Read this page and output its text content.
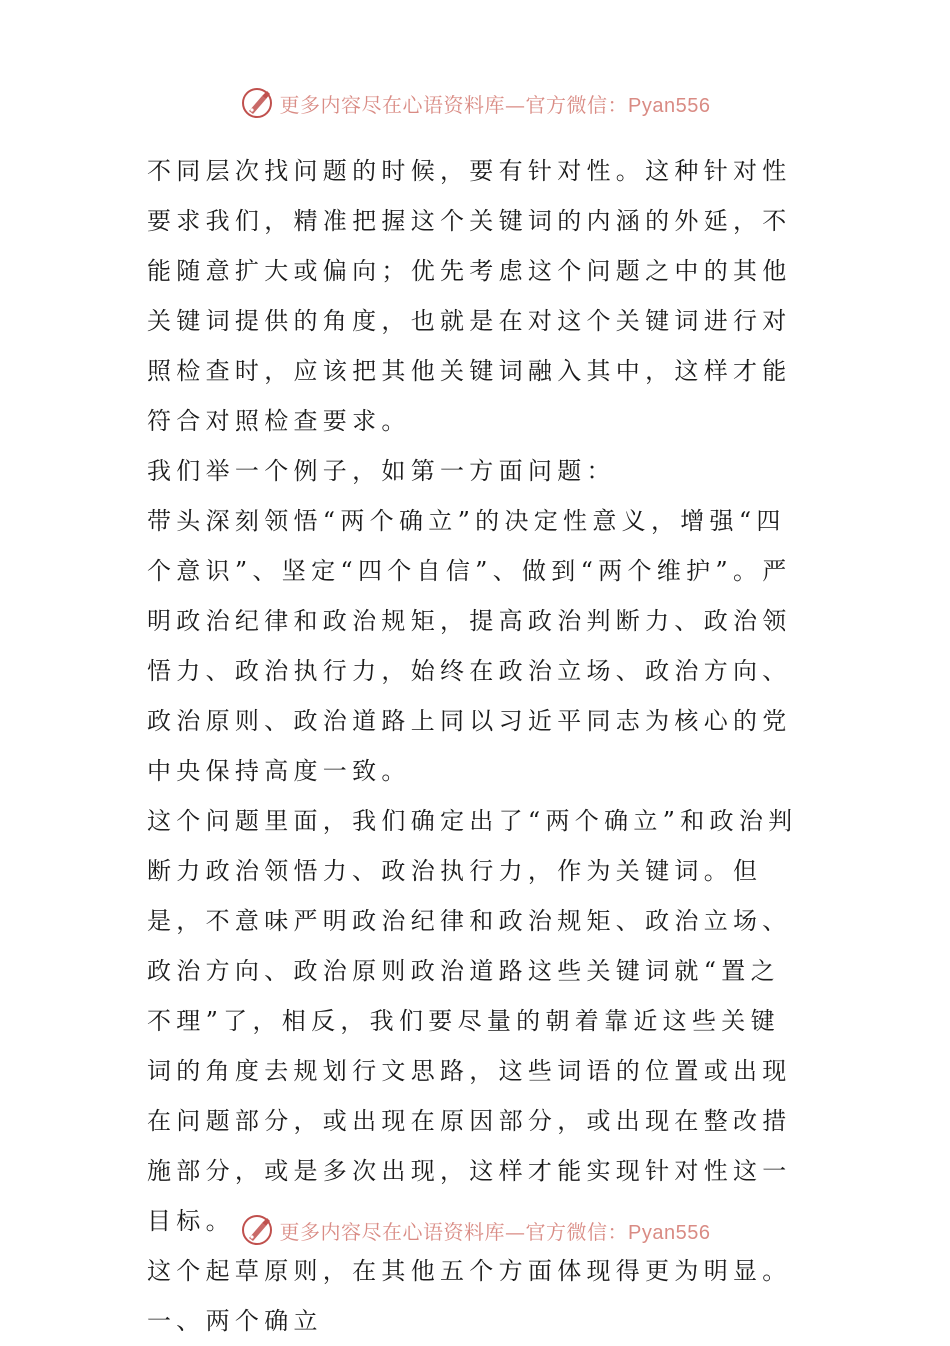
更多内容尽在心语资料库—官方微信：Pyan556

不同层次找问题的时候，要有针对性。这种针对性要求我们，精准把握这个关键词的内涵的外延，不能随意扩大或偏向；优先考虑这个问题之中的其他关键词提供的角度，也就是在对这个关键词进行对照检查时，应该把其他关键词融入其中，这样才能符合对照检查要求。

我们举一个例子，如第一方面问题：

带头深刻领悟“两个确立”的决定性意义，增强“四个意识”、坚定“四个自信”、做到“两个维护”。严明政治纪律和政治规矩，提高政治判断力、政治领悟力、政治执行力，始终在政治立场、政治方向、政治原则、政治道路上同以习近平同志为核心的党中央保持高度一致。

这个问题里面，我们确定出了“两个确立”和政治判断力政治领悟力、政治执行力，作为关键词。但是，不意味严明政治纪律和政治规矩、政治立场、政治方向、政治原则政治道路这些关键词就“置之不理”了，相反，我们要尽量的朝着靠近这些关键词的角度去规划行文思路，这些词语的位置或出现在问题部分，或出现在原因部分，或出现在整改措施部分，或是多次出现，这样才能实现针对性这一目标。

这个起草原则，在其他五个方面体现得更为明显。

一、两个确立

更多内容尽在心语资料库—官方微信：Pyan556
